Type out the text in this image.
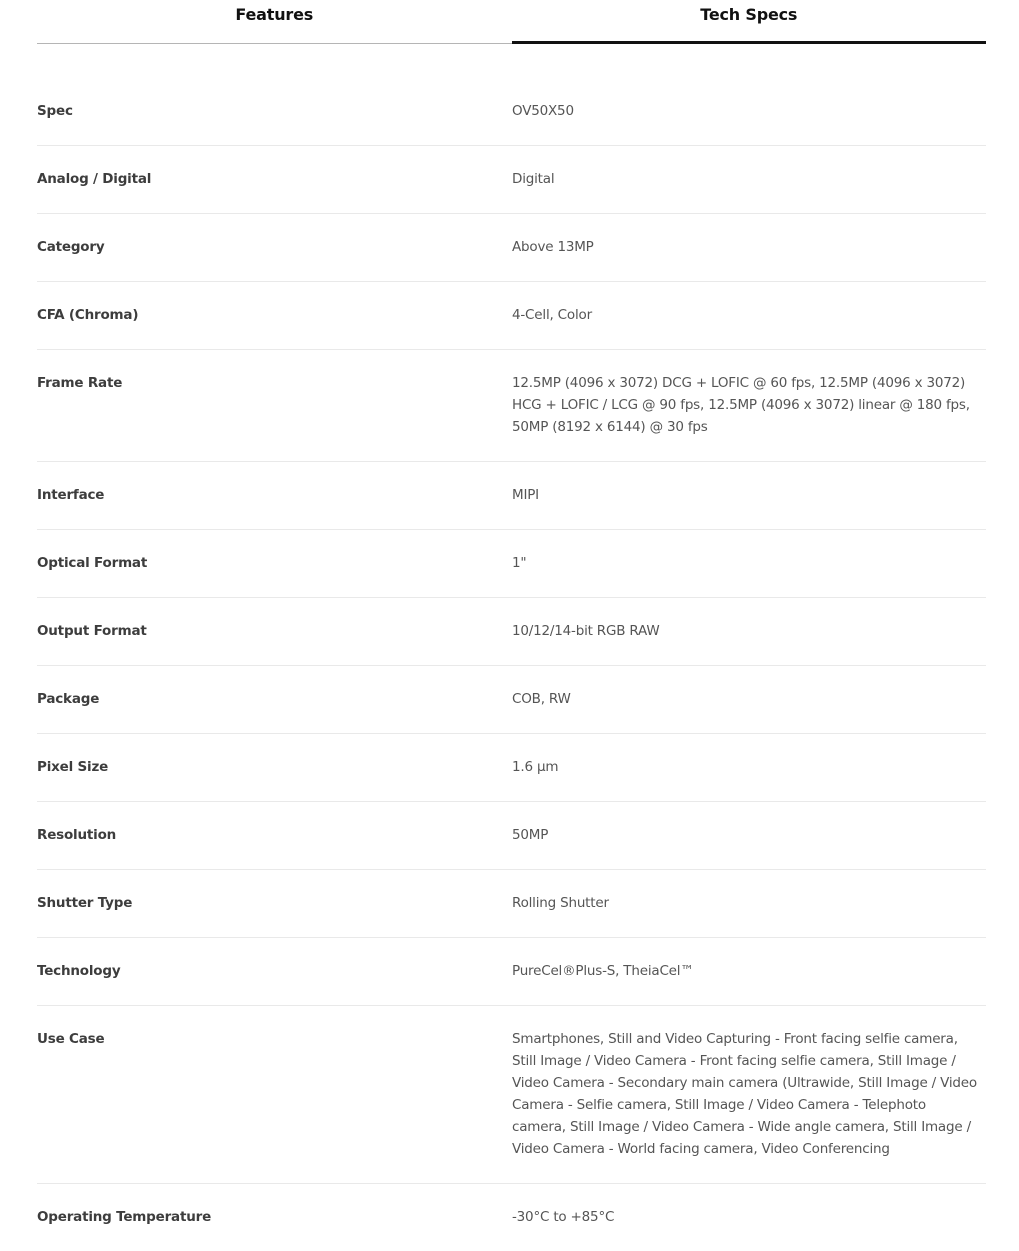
Features	Tech Specs
Spec	OV50X50
Analog / Digital	Digital
Category	Above 13MP
CFA (Chroma)	4-Cell, Color
Frame Rate	12.5MP (4096 x 3072) DCG + LOFIC @ 60 fps, 12.5MP (4096 x 3072) HCG + LOFIC / LCG @ 90 fps, 12.5MP (4096 x 3072) linear @ 180 fps, 50MP (8192 x 6144) @ 30 fps
Interface	MIPI
Optical Format	1"
Output Format	10/12/14-bit RGB RAW
Package	COB, RW
Pixel Size	1.6 µm
Resolution	50MP
Shutter Type	Rolling Shutter
Technology	PureCel®Plus-S, TheiaCel™
Use Case	Smartphones, Still and Video Capturing - Front facing selfie camera, Still Image / Video Camera - Front facing selfie camera, Still Image / Video Camera - Secondary main camera (Ultrawide, Still Image / Video Camera - Selfie camera, Still Image / Video Camera - Telephoto camera, Still Image / Video Camera - Wide angle camera, Still Image / Video Camera - World facing camera, Video Conferencing
Operating Temperature	-30°C to +85°C
